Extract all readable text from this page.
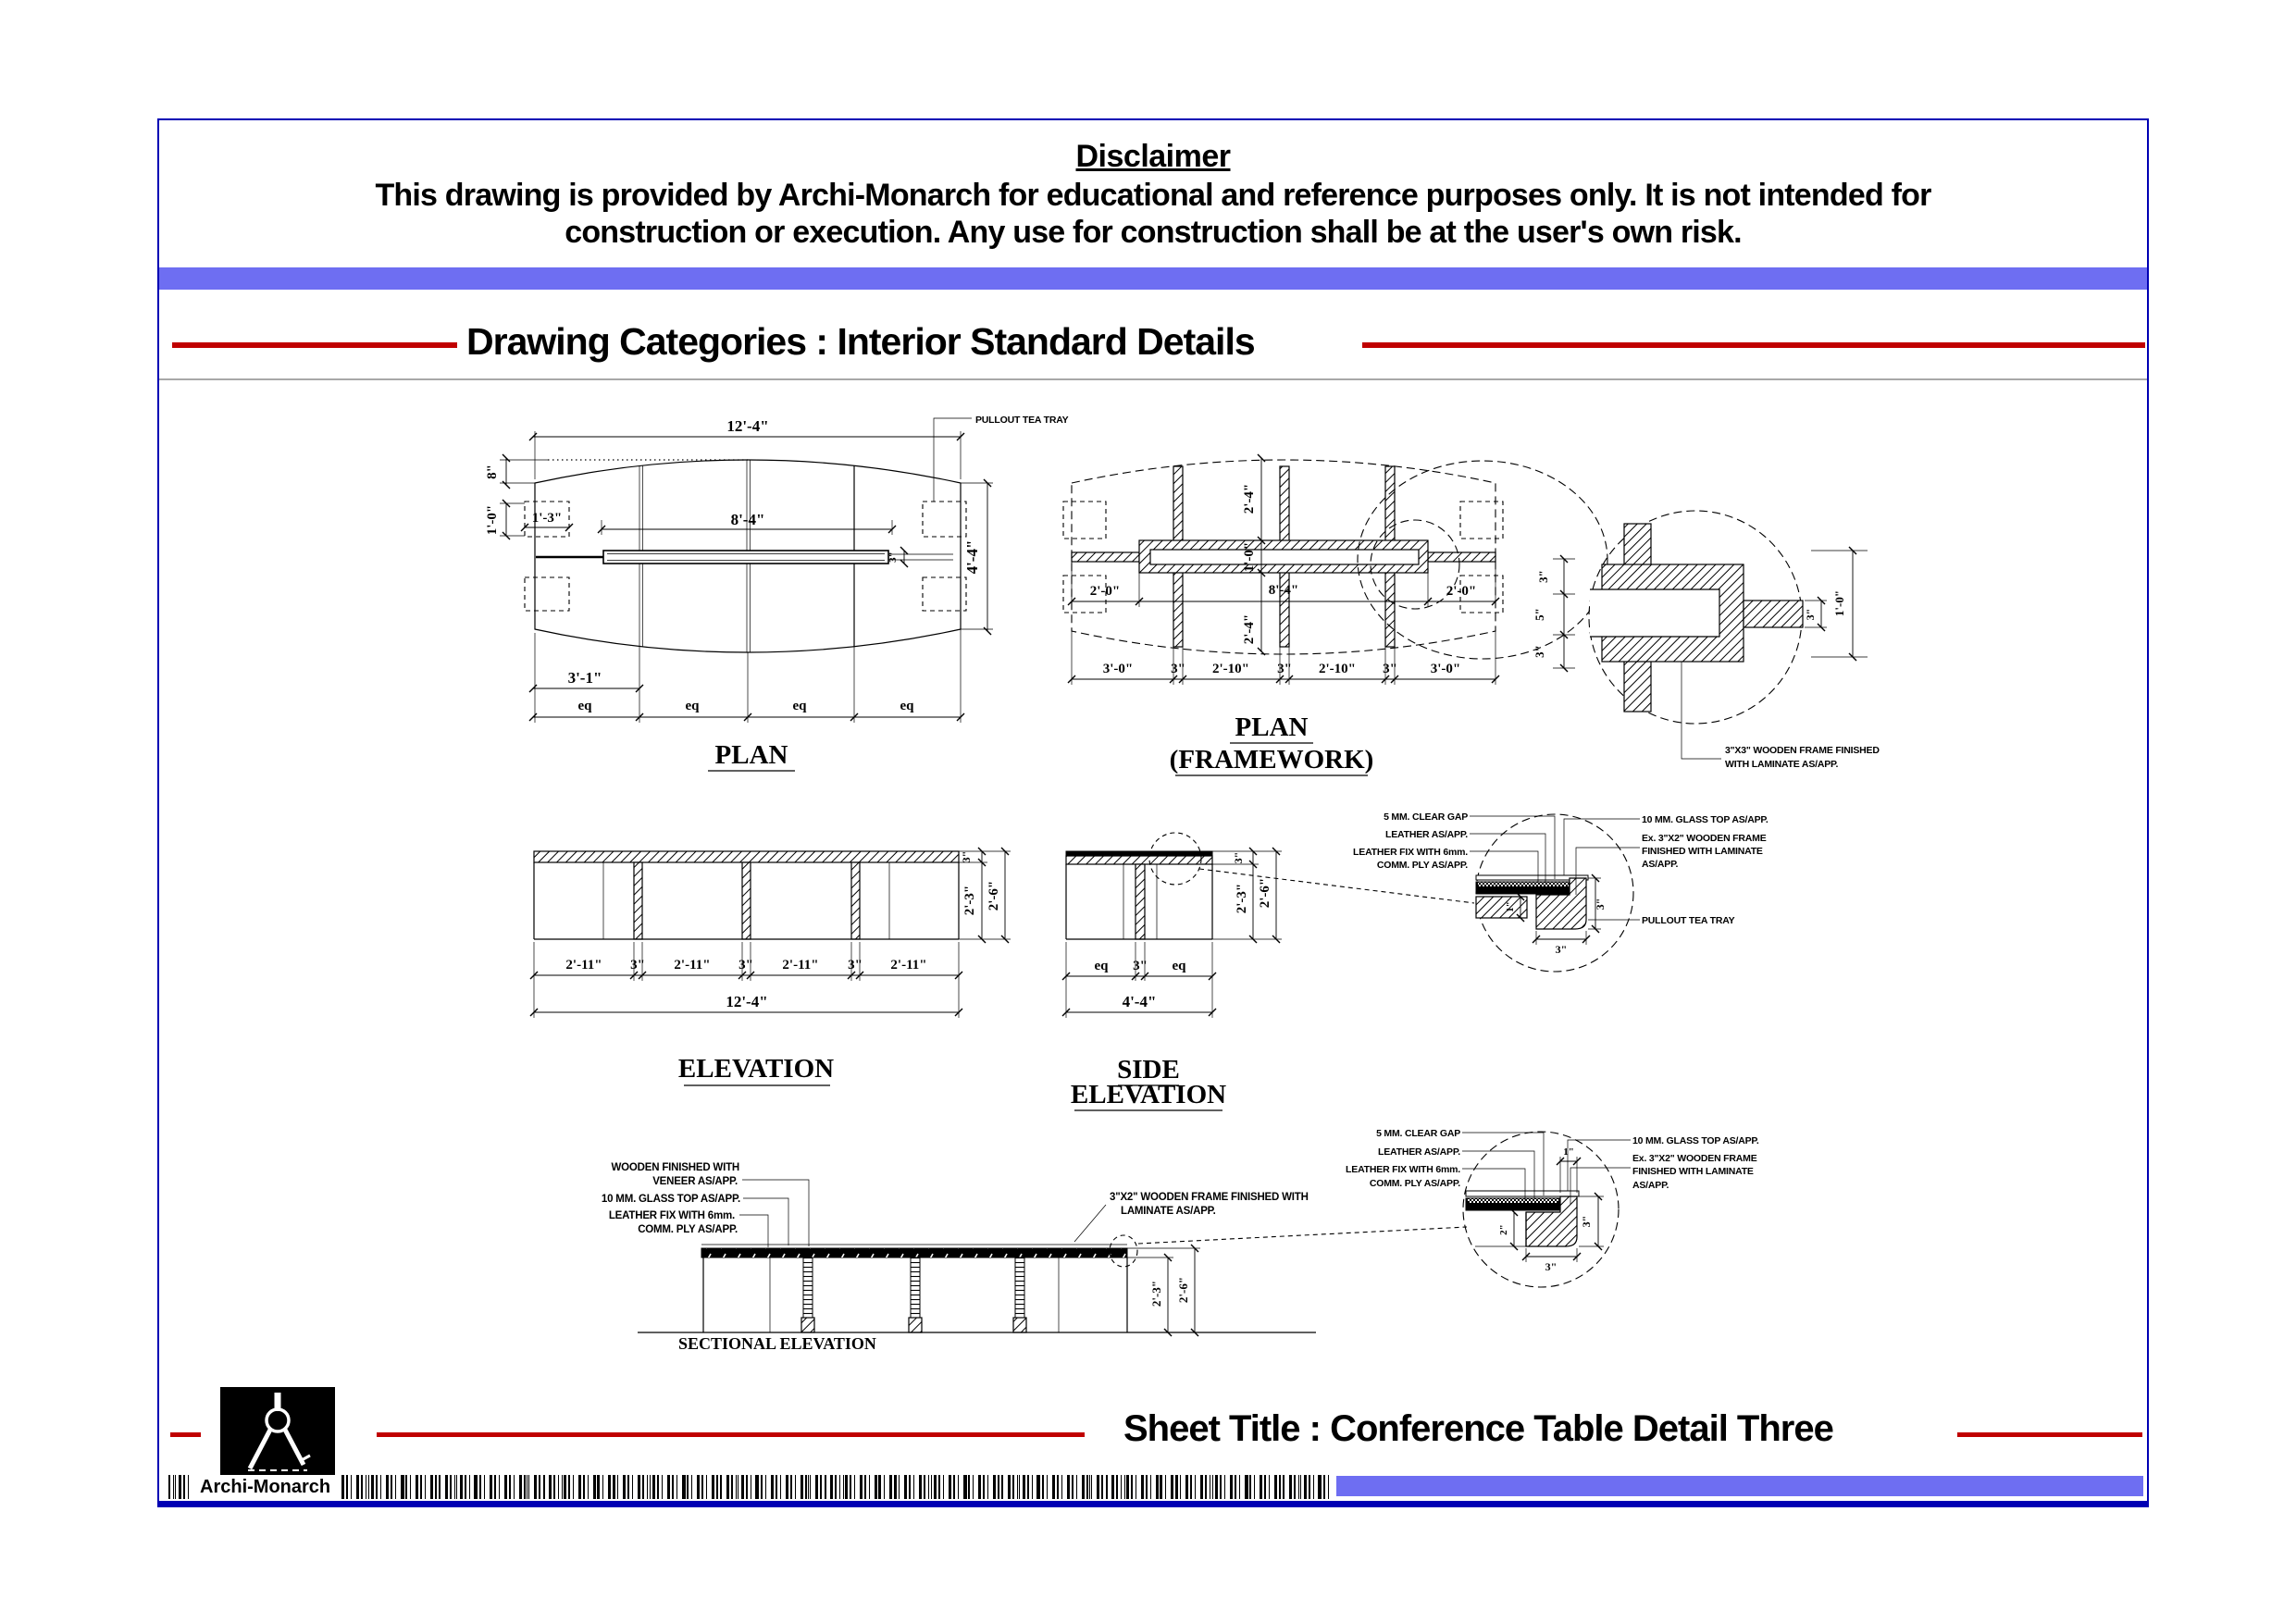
Disclaimer
This drawing is provided by Archi-Monarch for educational and reference purposes only. It is not intended for
construction or execution. Any use for construction shall be at the user's own risk.
Drawing Categories : Interior Standard Details
3"
PULLOUT TEA TRAY
12'-4"
8"
1'-0" 1'-3"	8'-4"
4'-4"
3'-1"
eq	eq	eq	eq
PLAN
2'-4"
1'-0"
2'-4"
2'-0"	8'-4"	2'-0"
3'-0"	3" 2'-10" 3" 2'-10" 3" 3'-0"
3"
5"
3"
PLAN
(FRAMEWORK)
3" 1'-0"
3"X3" WOODEN FRAME FINISHED
WITH LAMINATE AS/APP.
2'-11" 3" 2'-11" 3" 2'-11" 3" 2'-11"
12'-4"
3"
2'-3" 2'-6"
ELEVATION
eq 3" eq
4'-4"
3"
2'-3" 2'-6"
SIDE
ELEVATION
1"	3"
3"
5 MM. CLEAR GAP
LEATHER AS/APP.
LEATHER FIX WITH 6mm.
COMM. PLY AS/APP.
10 MM. GLASS TOP AS/APP.
Ex. 3"X2" WOODEN FRAME
FINISHED WITH LAMINATE
AS/APP.
PULLOUT TEA TRAY
WOODEN FINISHED WITH
VENEER AS/APP.
10 MM. GLASS TOP AS/APP.
LEATHER FIX WITH 6mm.
COMM. PLY AS/APP.
3"X2" WOODEN FRAME FINISHED WITH
LAMINATE AS/APP.
2'-3" 2'-6"
SECTIONAL ELEVATION
1"
2"
3"
3"
5 MM. CLEAR GAP
LEATHER AS/APP.
LEATHER FIX WITH 6mm.
COMM. PLY AS/APP.
10 MM. GLASS TOP AS/APP.
Ex. 3"X2" WOODEN FRAME
FINISHED WITH LAMINATE
AS/APP.
Sheet Title : Conference Table Detail Three
Archi-Monarch
